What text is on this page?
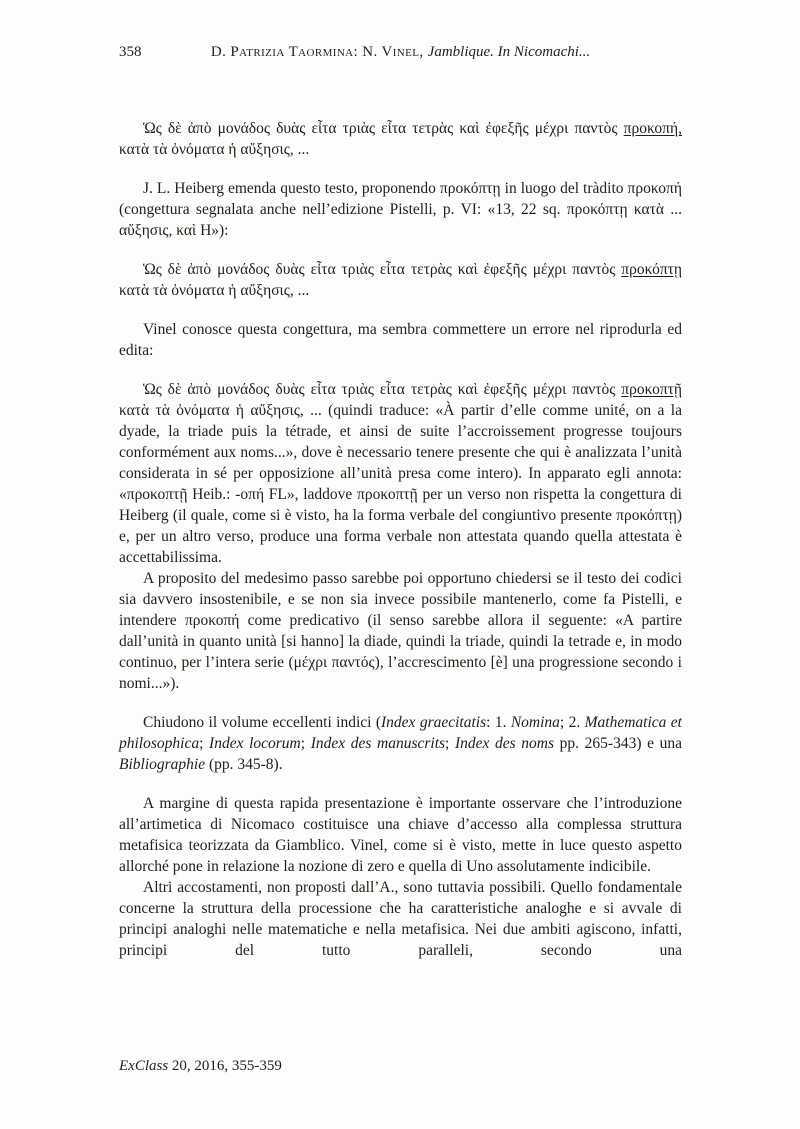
358	D. Patrizia Taormina: N. Vinel, Jamblique. In Nicomachi...

Ὡς δὲ ἀπὸ μονάδος δυὰς εἶτα τριὰς εἶτα τετρὰς καὶ ἐφεξῆς μέχρι παντὸς προκοπή, κατὰ τὰ ὀνόματα ἡ αὔξησις, ...

J. L. Heiberg emenda questo testo, proponendo προκόπτῃ in luogo del tràdito προκοπή (congettura segnalata anche nell’edizione Pistelli, p. VI: «13, 22 sq. προκόπτῃ κατὰ ... αὔξησις, καὶ H»):

Ὡς δὲ ἀπὸ μονάδος δυὰς εἶτα τριὰς εἶτα τετρὰς καὶ ἐφεξῆς μέχρι παντὸς προκόπτῃ κατὰ τὰ ὀνόματα ἡ αὔξησις, ...

Vinel conosce questa congettura, ma sembra commettere un errore nel riprodurla ed edita:

Ὡς δὲ ἀπὸ μονάδος δυὰς εἶτα τριὰς εἶτα τετρὰς καὶ ἐφεξῆς μέχρι παντὸς προκοπτῇ κατὰ τὰ ὀνόματα ἡ αὔξησις, ... (quindi traduce: «À partir d’elle comme unité, on a la dyade, la triade puis la tétrade, et ainsi de suite l’accroissement progresse toujours conformément aux noms...», dove è necessario tenere presente che qui è analizzata l’unità considerata in sé per opposizione all’unità presa come intero). In apparato egli annota: «προκοπτῇ Heib.: -οπή FL», laddove προκοπτῇ per un verso non rispetta la congettura di Heiberg (il quale, come si è visto, ha la forma verbale del congiuntivo presente προκόπτῃ) e, per un altro verso, produce una forma verbale non attestata quando quella attestata è accettabilissima.

A proposito del medesimo passo sarebbe poi opportuno chiedersi se il testo dei codici sia davvero insostenibile, e se non sia invece possibile mantenerlo, come fa Pistelli, e intendere προκοπή come predicativo (il senso sarebbe allora il seguente: «A partire dall’unità in quanto unità [si hanno] la diade, quindi la triade, quindi la tetrade e, in modo continuo, per l’intera serie (μέχρι παντός), l’accrescimento [è] una progressione secondo i nomi...»).

Chiudono il volume eccellenti indici (Index graecitatis: 1. Nomina; 2. Mathematica et philosophica; Index locorum; Index des manuscrits; Index des noms pp. 265-343) e una Bibliographie (pp. 345-8).

A margine di questa rapida presentazione è importante osservare che l’introduzione all’artimetica di Nicomaco costituisce una chiave d’accesso alla complessa struttura metafisica teorizzata da Giamblico. Vinel, come si è visto, mette in luce questo aspetto allorché pone in relazione la nozione di zero e quella di Uno assolutamente indicibile.

Altri accostamenti, non proposti dall’A., sono tuttavia possibili. Quello fondamentale concerne la struttura della processione che ha caratteristiche analoghe e si avvale di principi analoghi nelle matematiche e nella metafisica. Nei due ambiti agiscono, infatti, principi del tutto paralleli, secondo una

ExClass 20, 2016, 355-359
